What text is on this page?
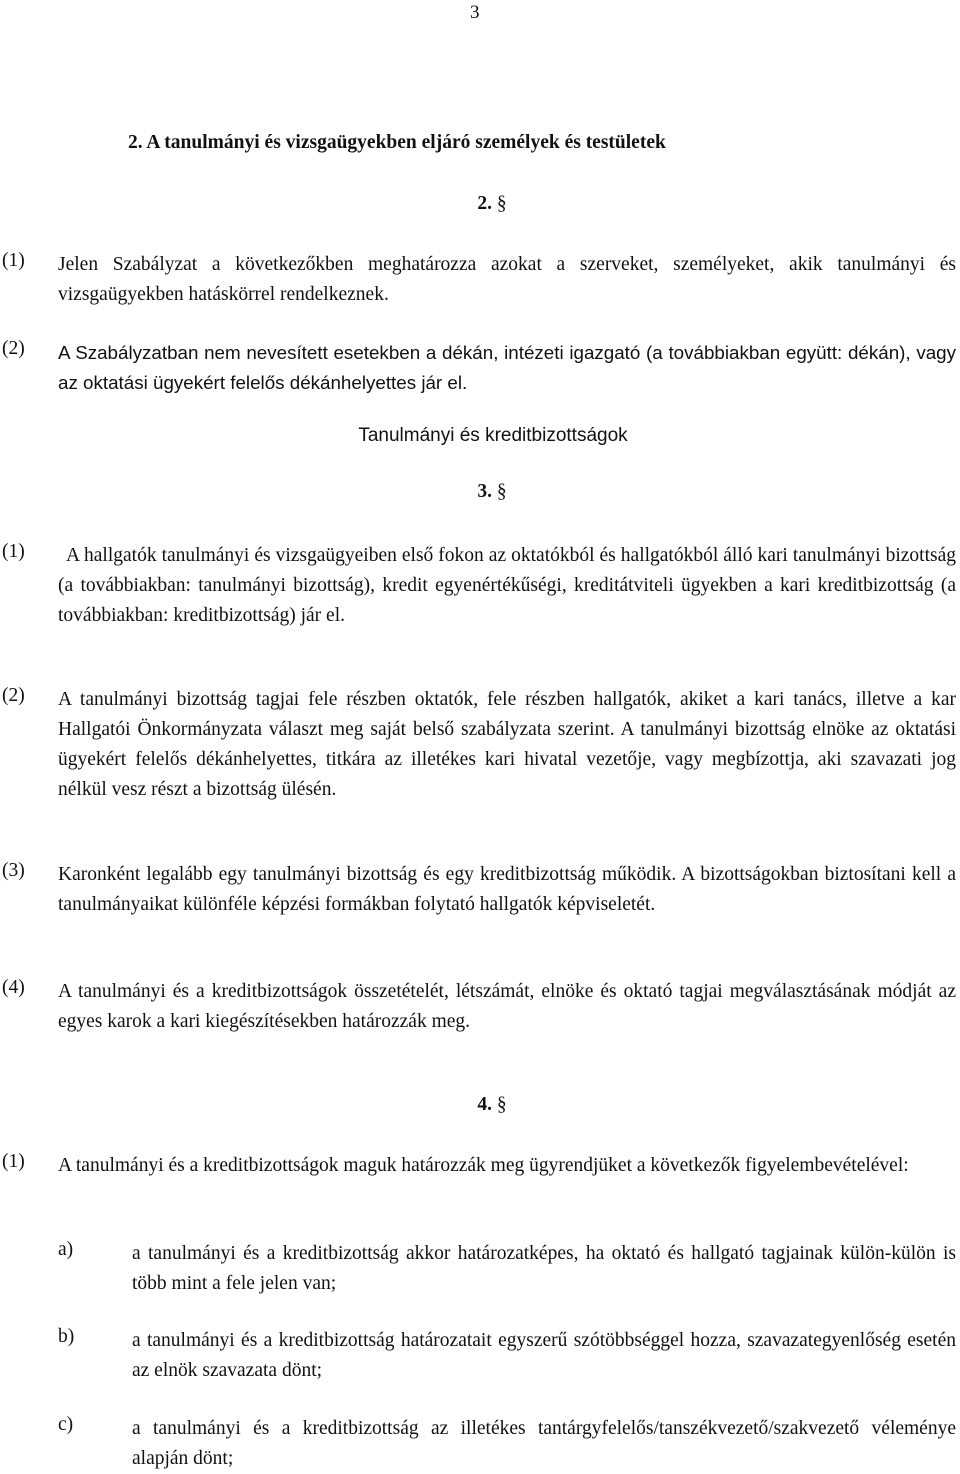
3
2. A tanulmányi és vizsgaügyekben eljáró személyek és testületek
2. §
(1) Jelen Szabályzat a következőkben meghatározza azokat a szerveket, személyeket, akik tanulmányi és vizsgaügyekben hatáskörrel rendelkeznek.
(2) A Szabályzatban nem nevesített esetekben a dékán, intézeti igazgató (a továbbiakban együtt: dékán), vagy az oktatási ügyekért felelős dékánhelyettes jár el.
Tanulmányi és kreditbizottságok
3. §
(1)	A hallgatók tanulmányi és vizsgaügyeiben első fokon az oktatókból és hallgatókból álló kari tanulmányi bizottság (a továbbiakban: tanulmányi bizottság), kredit egyenértékűségi, kreditátviteli ügyekben a kari kreditbizottság (a továbbiakban: kreditbizottság) jár el.
(2) A tanulmányi bizottság tagjai fele részben oktatók, fele részben hallgatók, akiket a kari tanács, illetve a kar Hallgatói Önkormányzata választ meg saját belső szabályzata szerint. A tanulmányi bizottság elnöke az oktatási ügyekért felelős dékánhelyettes, titkára az illetékes kari hivatal vezetője, vagy megbízottja, aki szavazati jog nélkül vesz részt a bizottság ülésén.
(3) Karonként legalább egy tanulmányi bizottság és egy kreditbizottság működik. A bizottságokban biztosítani kell a tanulmányaikat különféle képzési formákban folytató hallgatók képviseletét.
(4) A tanulmányi és a kreditbizottságok összetételét, létszámát, elnöke és oktató tagjai megválasztásának módját az egyes karok a kari kiegészítésekben határozzák meg.
4. §
(1) A tanulmányi és a kreditbizottságok maguk határozzák meg ügyrendjüket a következők figyelembevételével:
a)	a tanulmányi és a kreditbizottság akkor határozatképes, ha oktató és hallgató tagjainak külön-külön is több mint a fele jelen van;
b)	a tanulmányi és a kreditbizottság határozatait egyszerű szótöbbséggel hozza, szavazategyenlőség esetén az elnök szavazata dönt;
c)	a tanulmányi és a kreditbizottság az illetékes tantárgyfelelős/tanszékvezető/szakvezető véleménye alapján dönt;
